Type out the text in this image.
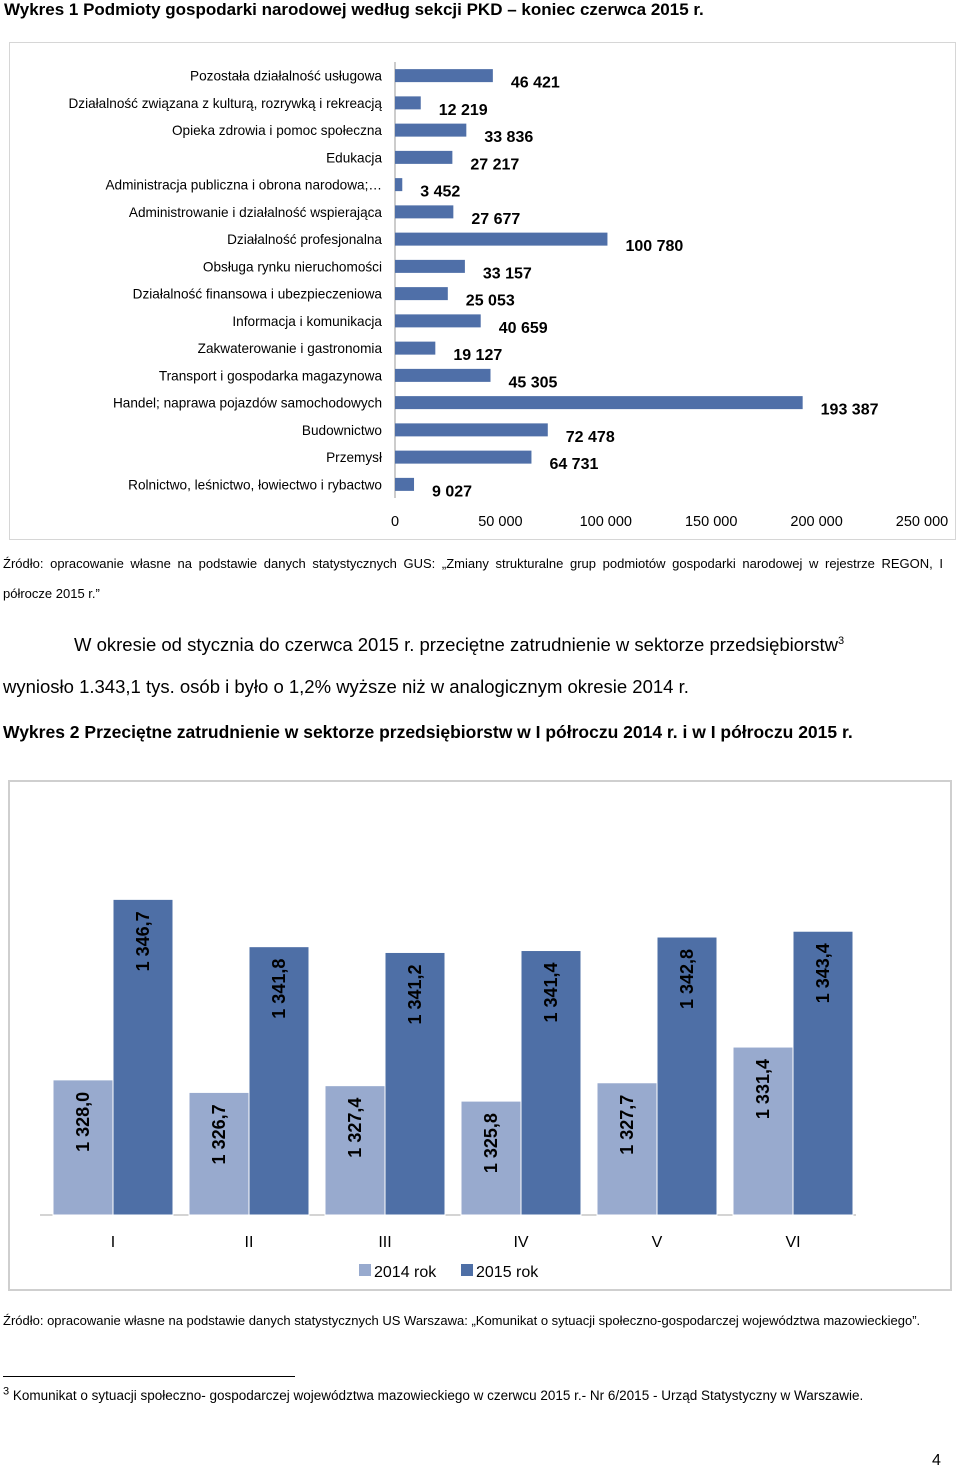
Wykres 1 Podmioty gospodarki narodowej według sekcji PKD – koniec czerwca 2015 r.
Pozostała działalność usługowa	46 421
Działalność związana z kulturą, rozrywką i rekreacją	12 219
Opieka zdrowia i pomoc społeczna	33 836
Edukacja	27 217
Administracja publiczna i obrona narodowa;… 3 452
Administrowanie i działalność wspierająca	27 677
Działalność profesjonalna	100 780
Obsługa rynku nieruchomości	33 157
Działalność finansowa i ubezpieczeniowa	25 053
Informacja i komunikacja	40 659
Zakwaterowanie i gastronomia	19 127
Transport i gospodarka magazynowa	45 305
Handel; naprawa pojazdów samochodowych	193 387
Budownictwo	72 478
Przemysł	64 731
Rolnictwo, leśnictwo, łowiectwo i rybactwo	9 027
0	50 000	100 000	150 000	200 000	250 000
Źródło: opracowanie własne na podstawie danych statystycznych GUS: „Zmiany strukturalne grup podmiotów gospodarki narodowej w rejestrze REGON, I półrocze 2015 r.”
W okresie od stycznia do czerwca 2015 r. przeciętne zatrudnienie w sektorze przedsiębiorstw$^3$
wyniosło 1.343,1 tys. osób i było o 1,2% wyższe niż w analogicznym okresie 2014 r.
Wykres 2 Przeciętne zatrudnienie w sektorze przedsiębiorstw w I półroczu 2014 r. i w I półroczu 2015 r.
1 328,0
1 346,7
I
1 326,7
1 341,8
II
1 327,4
1 341,2
III
1 325,8
1 341,4
IV
1 327,7
1 342,8
V
1 331,4
1 343,4
VI
2014 rok 2015 rok
Źródło: opracowanie własne na podstawie danych statystycznych US Warszawa: „Komunikat o sytuacji społeczno-gospodarczej województwa mazowieckiego”.
$^3$ Komunikat o sytuacji społeczno- gospodarczej województwa mazowieckiego w czerwcu 2015 r.- Nr 6/2015 - Urząd Statystyczny w Warszawie.
4
